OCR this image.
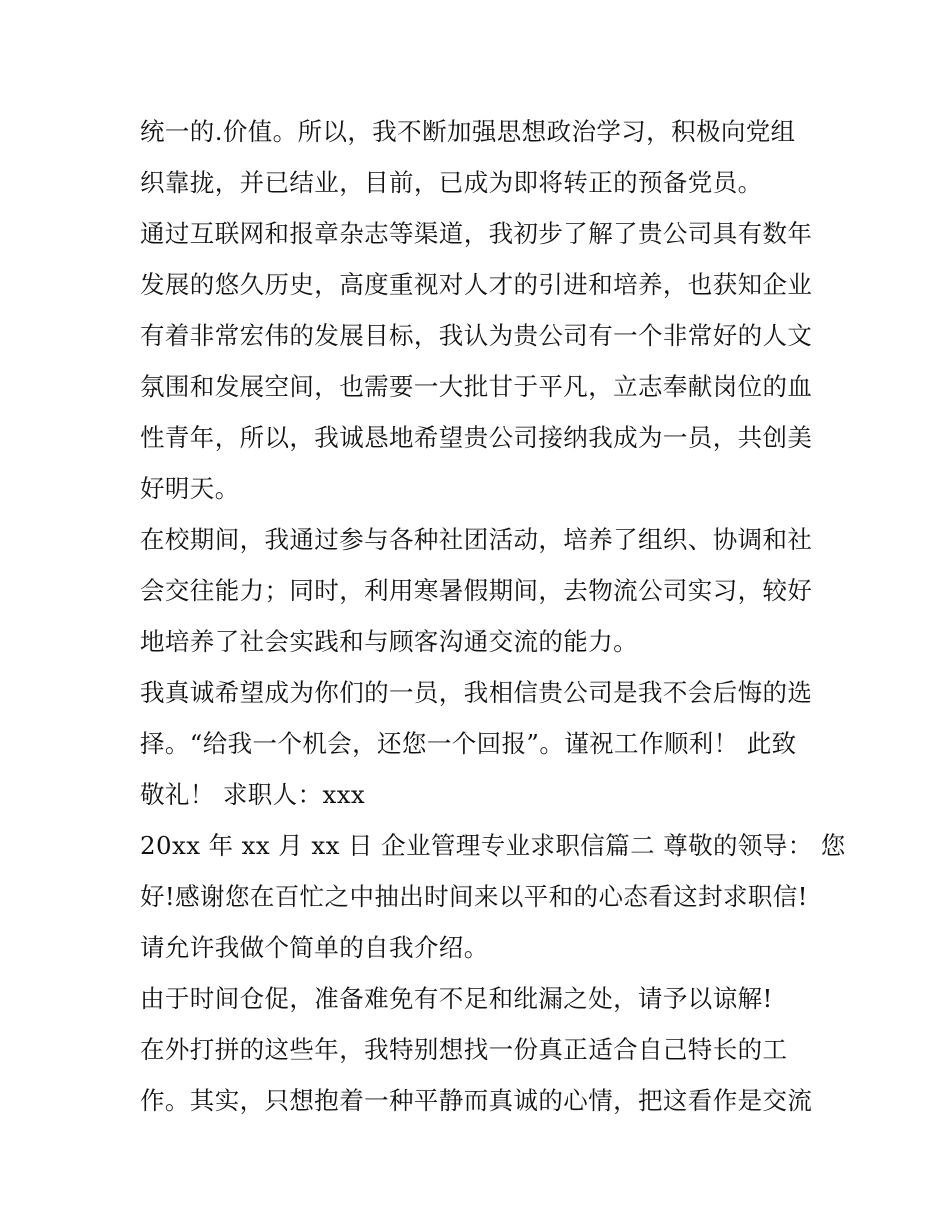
统一的.价值。所以，我不断加强思想政治学习，积极向党组
织靠拢，并已结业，目前，已成为即将转正的预备党员。
通过互联网和报章杂志等渠道，我初步了解了贵公司具有数年
发展的悠久历史，高度重视对人才的引进和培养，也获知企业
有着非常宏伟的发展目标，我认为贵公司有一个非常好的人文
氛围和发展空间，也需要一大批甘于平凡，立志奉献岗位的血
性青年，所以，我诚恳地希望贵公司接纳我成为一员，共创美
好明天。
在校期间，我通过参与各种社团活动，培养了组织、协调和社
会交往能力；同时，利用寒暑假期间，去物流公司实习，较好
地培养了社会实践和与顾客沟通交流的能力。
我真诚希望成为你们的一员，我相信贵公司是我不会后悔的选
择。“给我一个机会，还您一个回报”。谨祝工作顺利！ 此致
敬礼！ 求职人：xxx
20xx 年 xx 月 xx 日 企业管理专业求职信篇二 尊敬的领导： 您
好!感谢您在百忙之中抽出时间来以平和的心态看这封求职信!
请允许我做个简单的自我介绍。
由于时间仓促，准备难免有不足和纰漏之处，请予以谅解!
在外打拼的这些年，我特别想找一份真正适合自己特长的工
作。其实，只想抱着一种平静而真诚的心情，把这看作是交流
